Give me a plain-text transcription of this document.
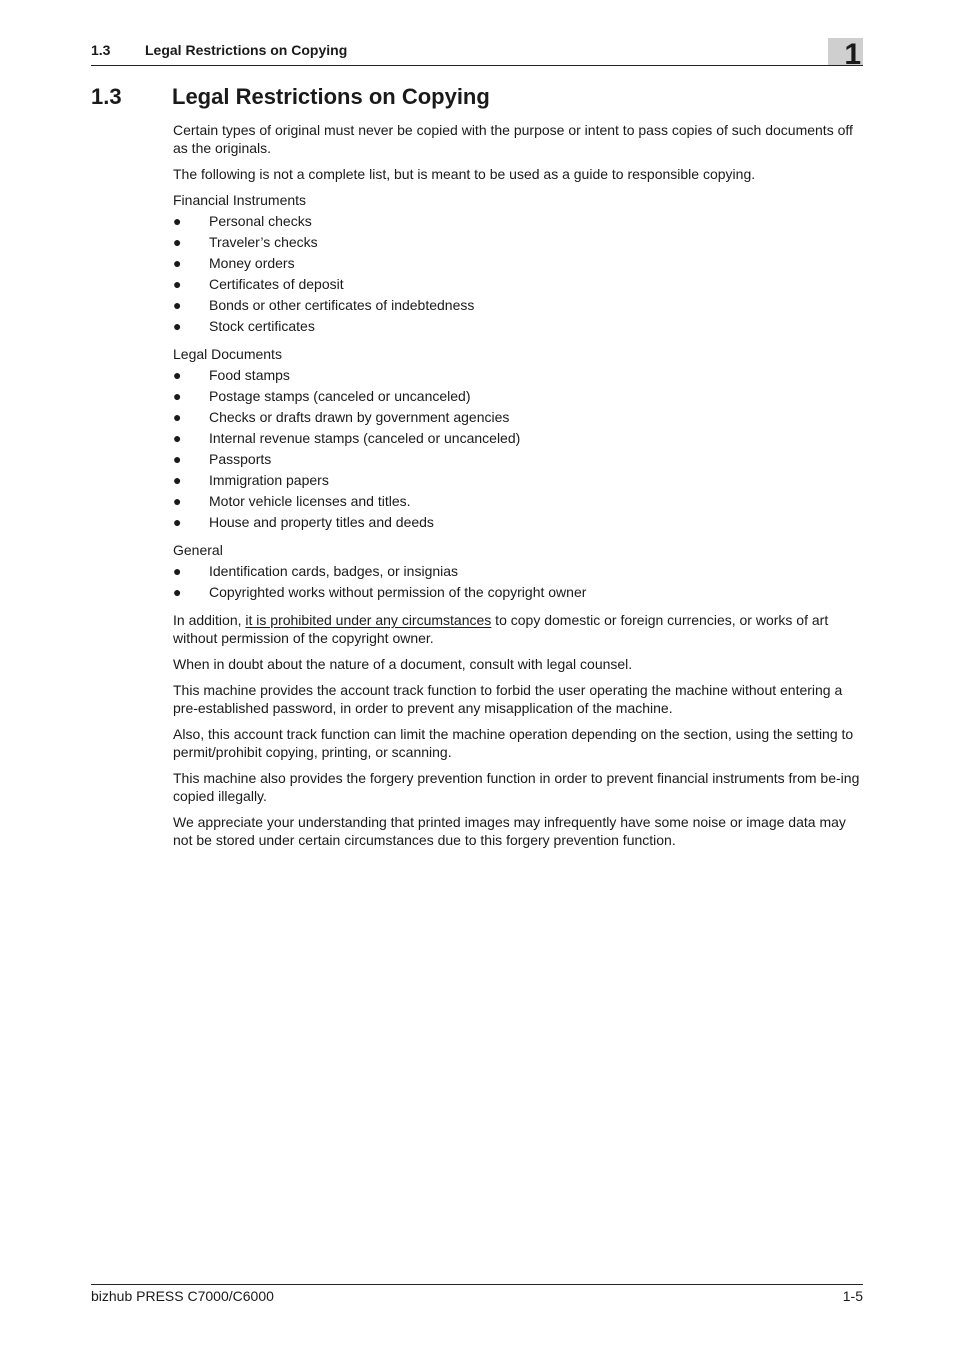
1.3 Legal Restrictions on Copying	1
1.3 Legal Restrictions on Copying

Certain types of original must never be copied with the purpose or intent to pass copies of such documents off as the originals.

The following is not a complete list, but is meant to be used as a guide to responsible copying.

Financial Instruments
● Personal checks
● Traveler’s checks
● Money orders
● Certificates of deposit
● Bonds or other certificates of indebtedness
● Stock certificates
Legal Documents
● Food stamps
● Postage stamps (canceled or uncanceled)
● Checks or drafts drawn by government agencies
● Internal revenue stamps (canceled or uncanceled)
● Passports
● Immigration papers
● Motor vehicle licenses and titles.
● House and property titles and deeds
General
● Identification cards, badges, or insignias
● Copyrighted works without permission of the copyright owner

In addition, it is prohibited under any circumstances to copy domestic or foreign currencies, or works of art without permission of the copyright owner.

When in doubt about the nature of a document, consult with legal counsel.

This machine provides the account track function to forbid the user operating the machine without entering a pre-established password, in order to prevent any misapplication of the machine.

Also, this account track function can limit the machine operation depending on the section, using the setting to permit/prohibit copying, printing, or scanning.

This machine also provides the forgery prevention function in order to prevent financial instruments from be-ing copied illegally.

We appreciate your understanding that printed images may infrequently have some noise or image data may not be stored under certain circumstances due to this forgery prevention function.

bizhub PRESS C7000/C6000	1-5
